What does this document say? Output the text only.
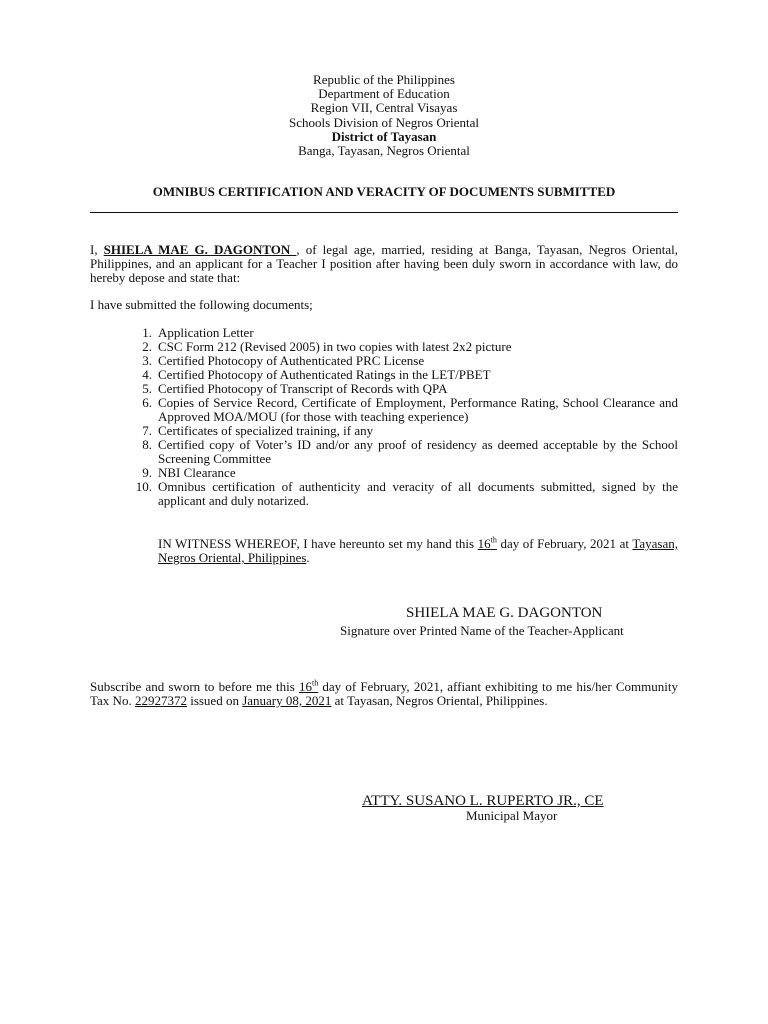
Republic of the Philippines
Department of Education
Region VII, Central Visayas
Schools Division of Negros Oriental
District of Tayasan
Banga, Tayasan, Negros Oriental
OMNIBUS CERTIFICATION AND VERACITY OF DOCUMENTS SUBMITTED
I, SHIELA MAE G. DAGONTON , of legal age, married, residing at Banga, Tayasan, Negros Oriental, Philippines, and an applicant for a Teacher I position after having been duly sworn in accordance with law, do hereby depose and state that:
I have submitted the following documents;
1. Application Letter
2. CSC Form 212 (Revised 2005) in two copies with latest 2x2 picture
3. Certified Photocopy of Authenticated PRC License
4. Certified Photocopy of Authenticated Ratings in the LET/PBET
5. Certified Photocopy of Transcript of Records with QPA
6. Copies of Service Record, Certificate of Employment, Performance Rating, School Clearance and Approved MOA/MOU (for those with teaching experience)
7. Certificates of specialized training, if any
8. Certified copy of Voter’s ID and/or any proof of residency as deemed acceptable by the School Screening Committee
9. NBI Clearance
10. Omnibus certification of authenticity and veracity of all documents submitted, signed by the applicant and duly notarized.
IN WITNESS WHEREOF, I have hereunto set my hand this 16th day of February, 2021 at Tayasan, Negros Oriental, Philippines.
SHIELA MAE G. DAGONTON
Signature over Printed Name of the Teacher-Applicant
Subscribe and sworn to before me this 16th day of February, 2021, affiant exhibiting to me his/her Community Tax No. 22927372 issued on January 08, 2021 at Tayasan, Negros Oriental, Philippines.
ATTY. SUSANO L. RUPERTO JR., CE
Municipal Mayor
